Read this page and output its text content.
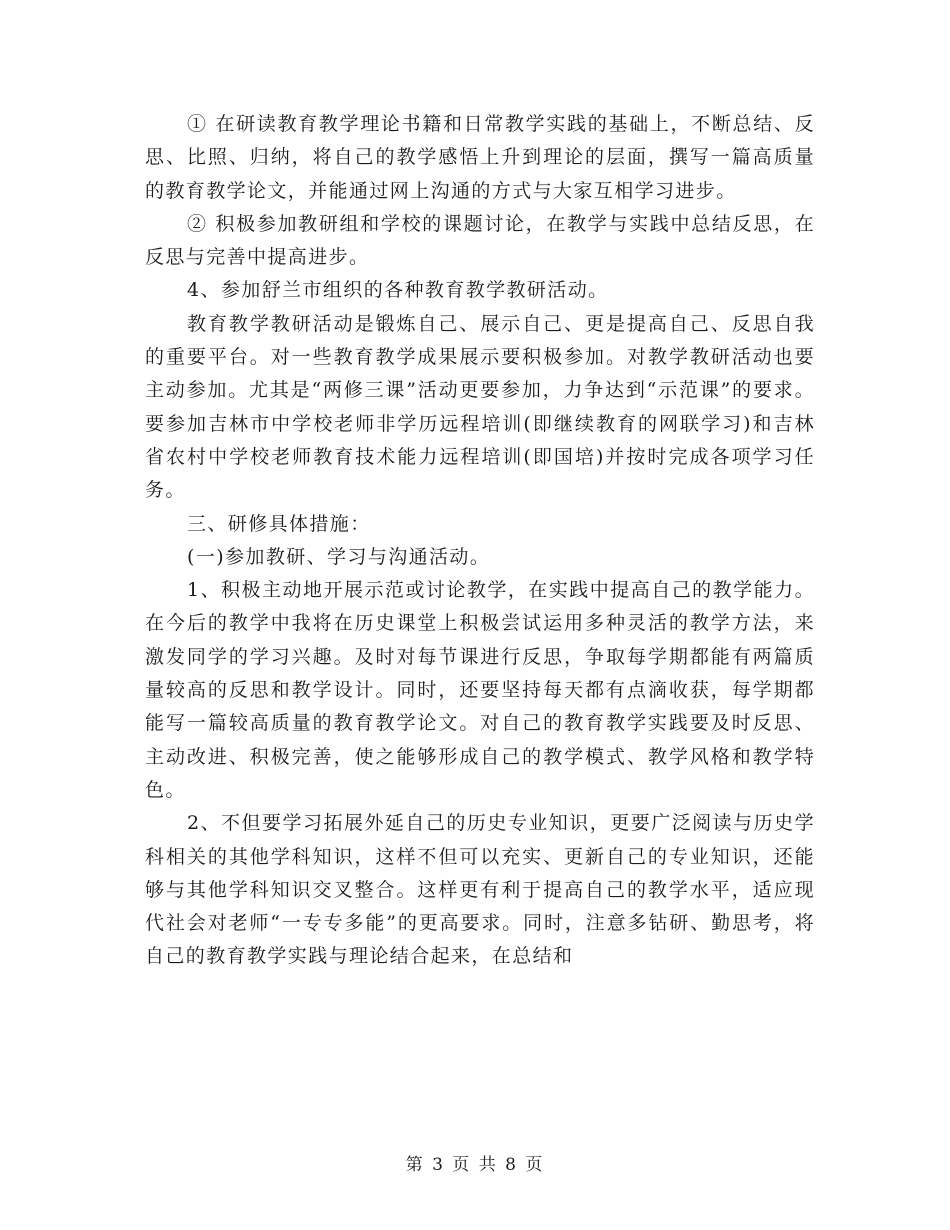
① 在研读教育教学理论书籍和日常教学实践的基础上，不断总结、反思、比照、归纳，将自己的教学感悟上升到理论的层面，撰写一篇高质量的教育教学论文，并能通过网上沟通的方式与大家互相学习进步。

② 积极参加教研组和学校的课题讨论，在教学与实践中总结反思，在反思与完善中提高进步。

4、参加舒兰市组织的各种教育教学教研活动。

教育教学教研活动是锻炼自己、展示自己、更是提高自己、反思自我的重要平台。对一些教育教学成果展示要积极参加。对教学教研活动也要主动参加。尤其是“两修三课”活动更要参加，力争达到“示范课”的要求。要参加吉林市中学校老师非学历远程培训(即继续教育的网联学习)和吉林省农村中学校老师教育技术能力远程培训(即国培)并按时完成各项学习任务。

三、研修具体措施：

(一)参加教研、学习与沟通活动。

1、积极主动地开展示范或讨论教学，在实践中提高自己的教学能力。在今后的教学中我将在历史课堂上积极尝试运用多种灵活的教学方法，来激发同学的学习兴趣。及时对每节课进行反思，争取每学期都能有两篇质量较高的反思和教学设计。同时，还要坚持每天都有点滴收获，每学期都能写一篇较高质量的教育教学论文。对自己的教育教学实践要及时反思、主动改进、积极完善，使之能够形成自己的教学模式、教学风格和教学特色。

2、不但要学习拓展外延自己的历史专业知识，更要广泛阅读与历史学科相关的其他学科知识，这样不但可以充实、更新自己的专业知识，还能够与其他学科知识交叉整合。这样更有利于提高自己的教学水平，适应现代社会对老师“一专专多能”的更高要求。同时，注意多钻研、勤思考，将自己的教育教学实践与理论结合起来，在总结和

第 3 页 共 8 页
